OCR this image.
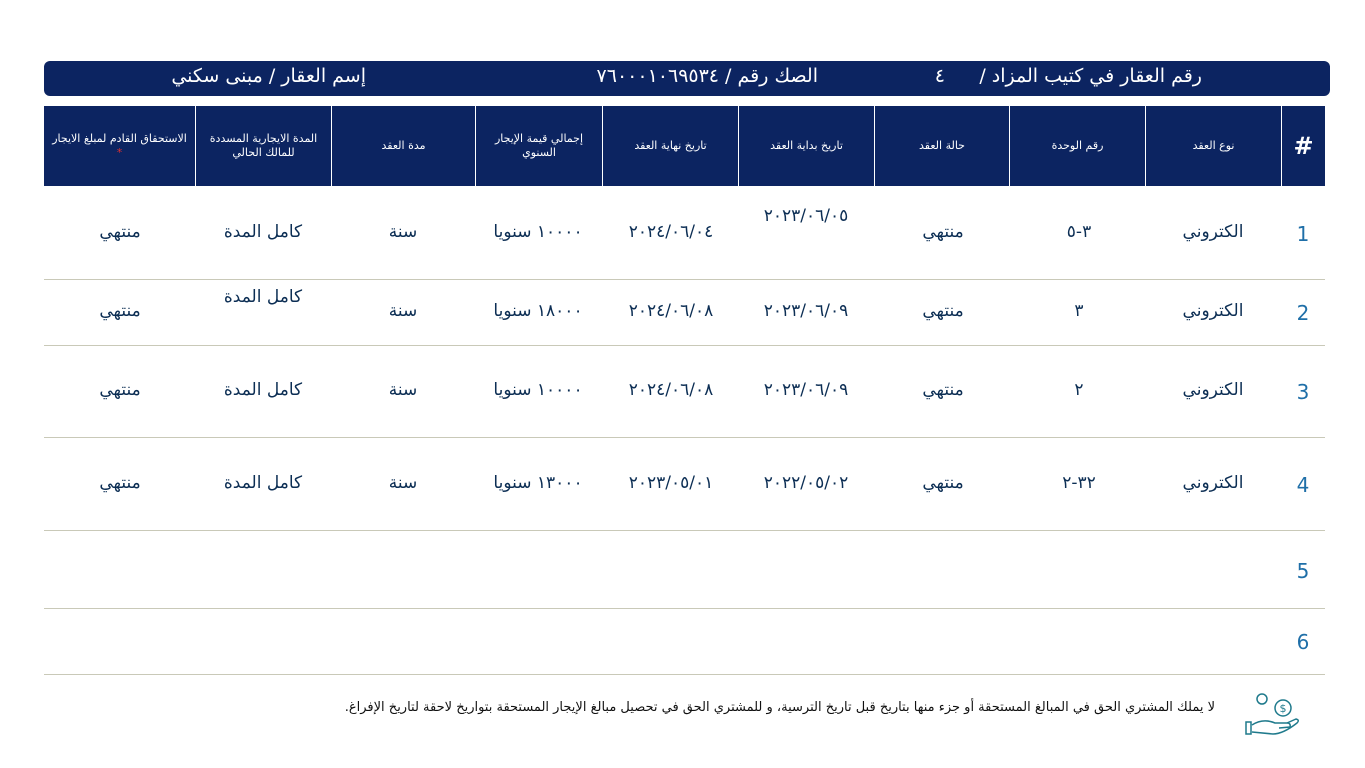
رقم العقار في كتيب المزاد /
٤
الصك رقم / ٧٦٠٠٠١٠٦٩٥٣٤
إسم العقار / مبنى سكني
#
نوع العقد
رقم الوحدة
حالة العقد
تاريخ بداية العقد
تاريخ نهاية العقد
إجمالي قيمة الإيجار السنوي
مدة العقد
المدة الايجارية المسددة للمالك الحالي
الاستحقاق القادم لمبلغ الايجار *
1
الكتروني
٣-٥
منتهي
٢٠٢٣/٠٦/٠٥
٢٠٢٤/٠٦/٠٤
١٠٠٠٠ سنويا
سنة
كامل المدة
منتهي
2
الكتروني
٣
منتهي
٢٠٢٣/٠٦/٠٩
٢٠٢٤/٠٦/٠٨
١٨٠٠٠ سنويا
سنة
كامل المدة
منتهي
3
الكتروني
٢
منتهي
٢٠٢٣/٠٦/٠٩
٢٠٢٤/٠٦/٠٨
١٠٠٠٠ سنويا
سنة
كامل المدة
منتهي
4
الكتروني
٣٢-٢
منتهي
٢٠٢٢/٠٥/٠٢
٢٠٢٣/٠٥/٠١
١٣٠٠٠ سنويا
سنة
كامل المدة
منتهي
5
6
لا يملك المشتري الحق في المبالغ المستحقة أو جزء منها بتاريخ قبل تاريخ الترسية، و للمشتري الحق في تحصيل مبالغ الإيجار المستحقة بتواريخ لاحقة لتاريخ الإفراغ.	$
